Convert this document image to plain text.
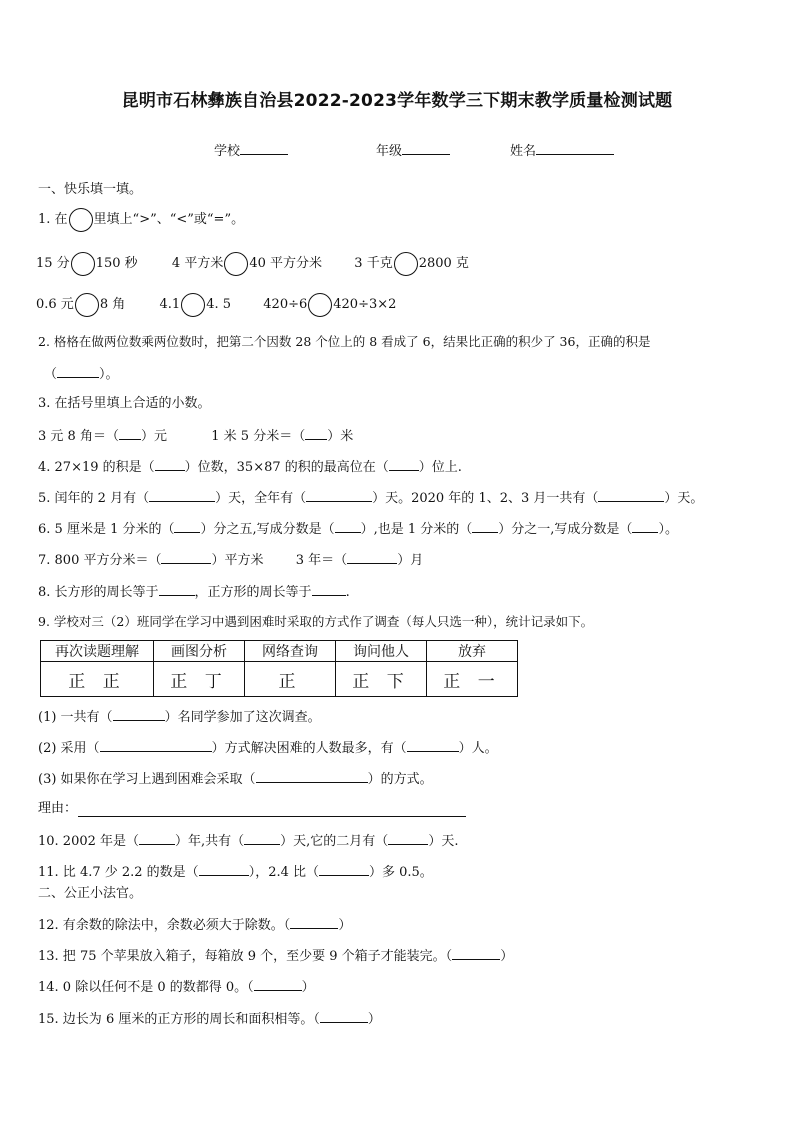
昆明市石林彝族自治县2022-2023学年数学三下期末教学质量检测试题
学校	年级	姓名
一、快乐填一填。
1. 在 里填上“>”、“<”或“=”。
15 分 150 秒	4 平方米 40 平方分米 3 千克 2800 克
0.6 元 8 角	4.1 4. 5 420÷6 420÷3×2
2. 格格在做两位数乘两位数时，把第二个因数 28 个位上的 8 看成了 6，结果比正确的积少了 36，正确的积是
（	）。
3. 在括号里填上合适的小数。
3 元 8 角＝（ ）元	1 米 5 分米＝（ ）米
4. 27×19 的积是（ ）位数，35×87 的积的最高位在（ ）位上.
5. 闰年的 2 月有（	）天，全年有（	）天。2020 年的 1、2、3 月一共有（	）天。
6. 5 厘米是 1 分米的（ ）分之五,写成分数是（ ）,也是 1 分米的（ ）分之一,写成分数是（ ）。
7. 800 平方分米＝（	）平方米 3 年＝（	）月
8. 长方形的周长等于	，正方形的周长等于	.
9. 学校对三（2）班同学在学习中遇到困难时采取的方式作了调查（每人只选一种），统计记录如下。
再次读题理解	画图分析	网络查询	询问他人	放弃
正 正	正 丁	正	正 下	正 一
(1) 一共有（	）名同学参加了这次调查。
(2) 采用（	）方式解决困难的人数最多，有（	）人。
(3) 如果你在学习上遇到困难会采取（	）的方式。
理由：
10. 2002 年是（	）年,共有（	）天,它的二月有（	）天.
11. 比 4.7 少 2.2 的数是（	），2.4 比（	）多 0.5。
二、公正小法官。
12. 有余数的除法中，余数必须大于除数。（	）
13. 把 75 个苹果放入箱子，每箱放 9 个，至少要 9 个箱子才能装完。（	）
14. 0 除以任何不是 0 的数都得 0。（	）
15. 边长为 6 厘米的正方形的周长和面积相等。（	）
